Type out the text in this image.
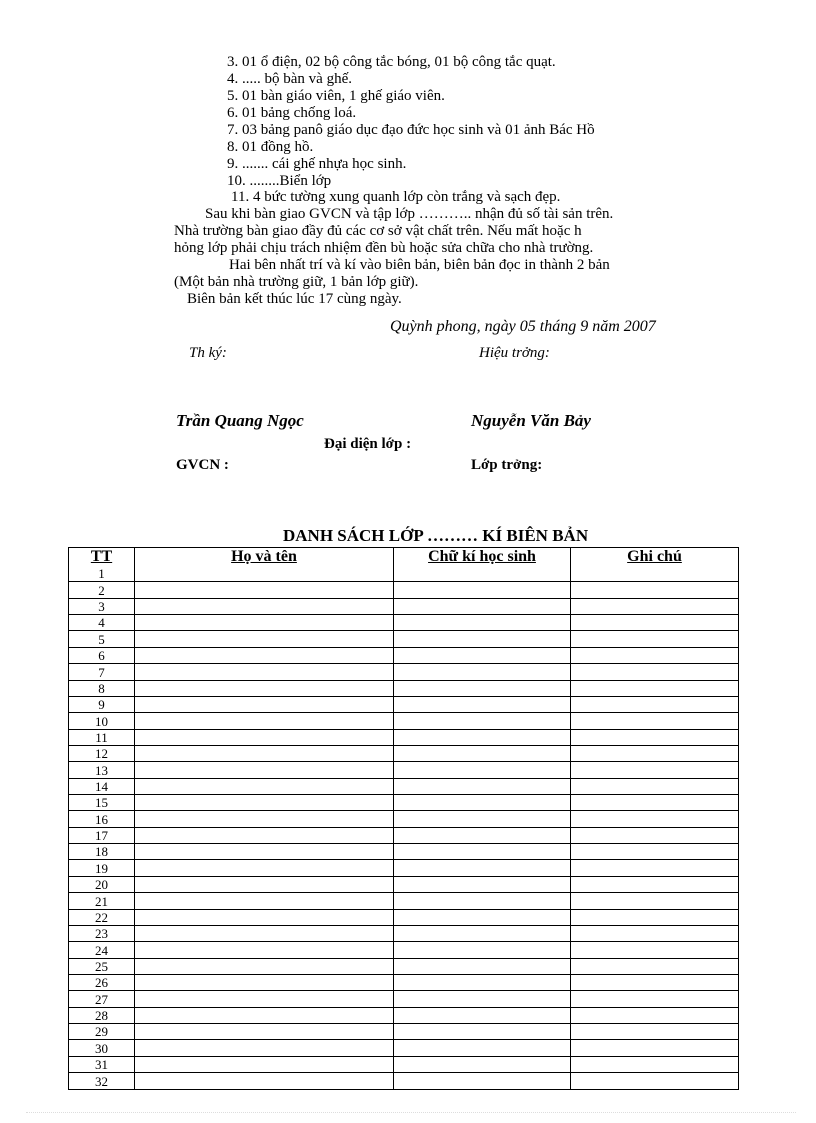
3. 01 ổ điện, 02 bộ công tắc bóng, 01 bộ công tắc quạt.
4. ..... bộ bàn và ghế.
5. 01 bàn giáo viên, 1 ghế giáo viên.
6. 01 bảng chống loá.
7. 03 bảng panô giáo dục đạo đức học sinh và 01 ảnh Bác Hồ
8. 01 đồng hồ.
9. ....... cái ghế nhựa học sinh.
10. ........Biển lớp
11. 4 bức tường xung quanh lớp còn trắng và sạch đẹp.
Sau khi bàn giao GVCN và tập lớp ……….. nhận đủ số tài sản trên.
Nhà trường bàn giao đầy đủ các cơ sở vật chất trên. Nếu mất hoặc h
hỏng lớp phải chịu trách nhiệm đền bù hoặc sửa chữa cho nhà trường.
Hai bên nhất trí và kí vào biên bản, biên bản đọc in thành 2 bản
(Một bản nhà trường giữ, 1 bản lớp giữ).
Biên bản kết thúc lúc 17 cùng ngày.
Quỳnh phong, ngày 05 tháng 9 năm 2007
Th ký:	Hiệu trởng:
Trần Quang Ngọc	Nguyễn Văn Bảy
Đại diện lớp :
GVCN :	Lớp trởng:
DANH SÁCH LỚP ……… KÍ BIÊN BẢN
TT	Họ và tên	Chữ kí học sinh	Ghi chú
1			
2			
3			
4			
5			
6			
7			
8			
9			
10			
11			
12			
13			
14			
15			
16			
17			
18			
19			
20			
21			
22			
23			
24			
25			
26			
27			
28			
29			
30			
31			
32			
